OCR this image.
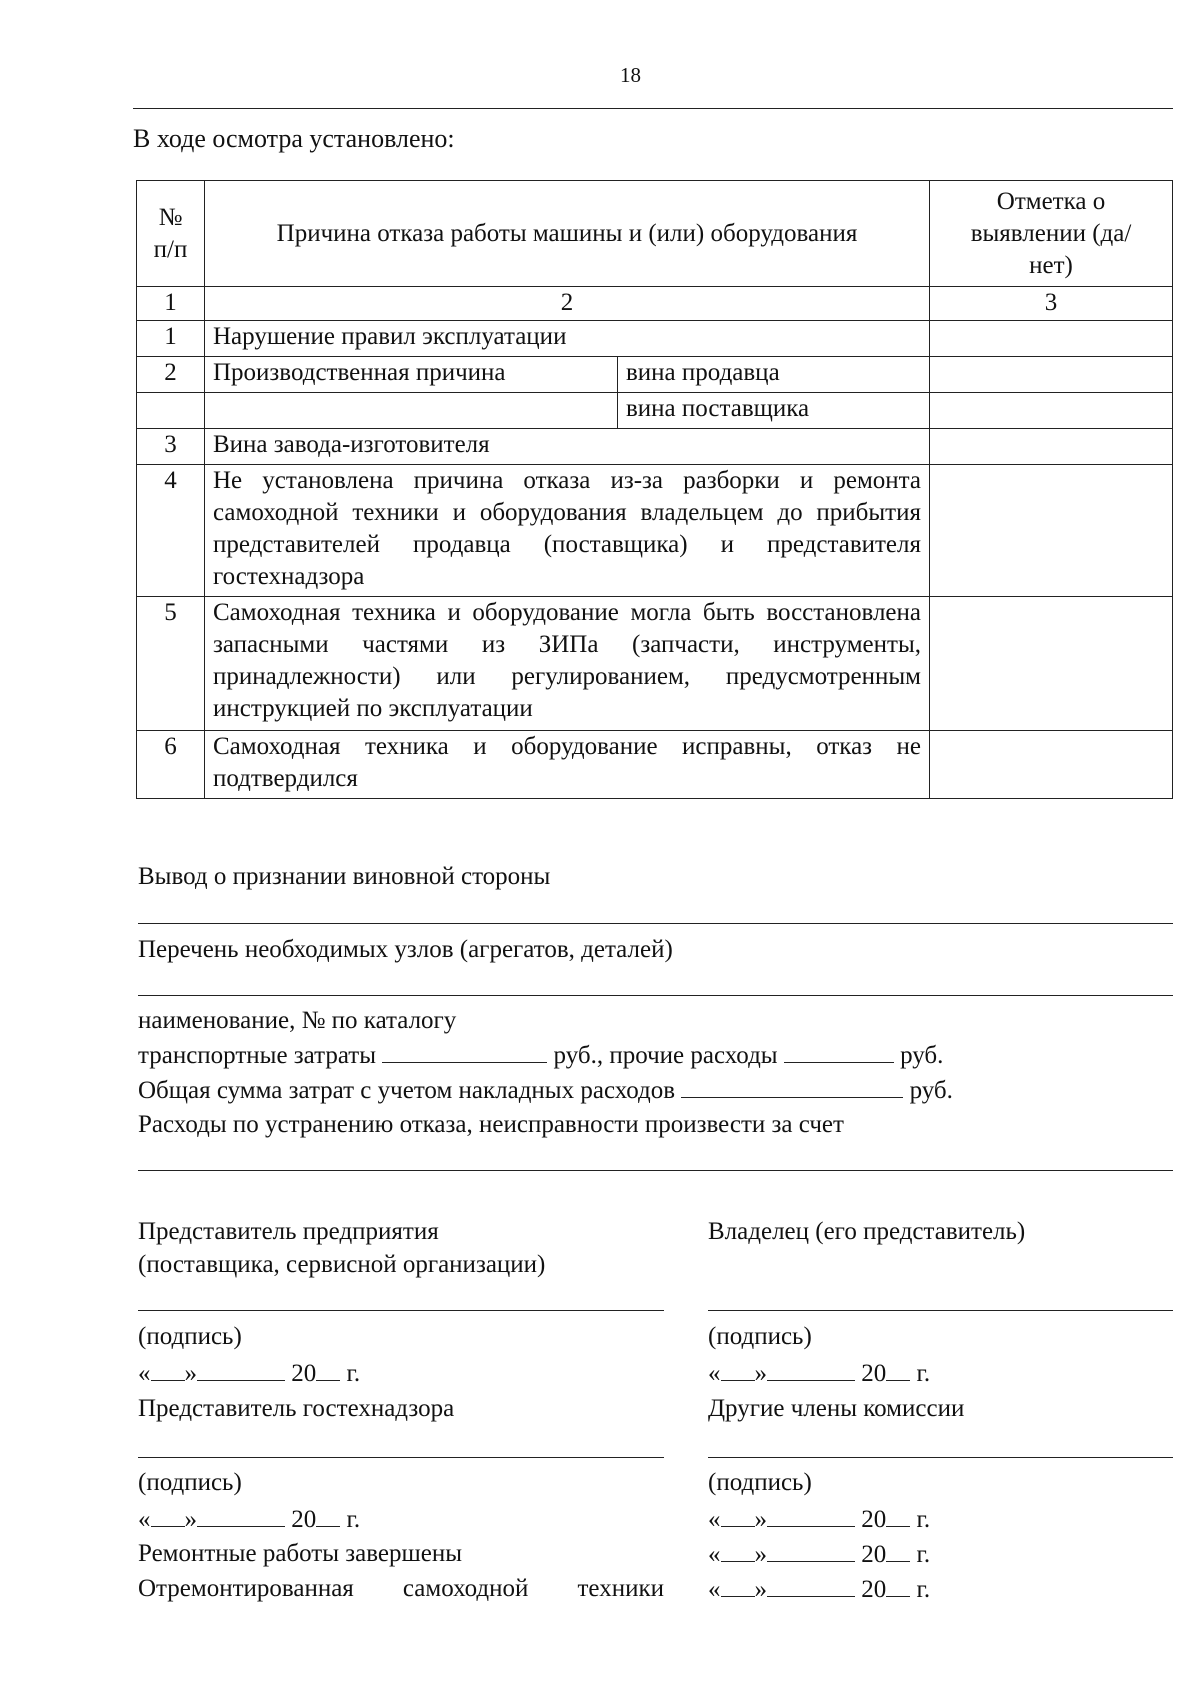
18
В ходе осмотра установлено:
№ п/п	Причина отказа работы машины и (или) оборудования		Отметка о выявлении (да/нет)
1	2		3
1	Нарушение правил эксплуатации		
2	Производственная причина	вина продавца	
		вина поставщика	
3	Вина завода-изготовителя		
4	Не установлена причина отказа из-за разборки и ремонта самоходной техники и оборудования владельцем до прибытия представителей продавца (поставщика) и представителя гостехнадзора		
5	Самоходная техника и оборудование могла быть восстановлена запасными частями из ЗИПа (запчасти, инструменты, принадлежности) или регулированием, предусмотренным инструкцией по эксплуатации		
6	Самоходная техника и оборудование исправны, отказ не подтвердился		
Вывод о признании виновной стороны
Перечень необходимых узлов (агрегатов, деталей)
наименование, № по каталогу
транспортные затраты	руб., прочие расходы	руб.
Общая сумма затрат с учетом накладных расходов	руб.
Расходы по устранению отказа, неисправности произвести за счет
Представитель предприятия
(поставщика, сервисной организации)
(подпись)
« »	20 г.
Представитель гостехнадзора
(подпись)
« »	20 г.
Ремонтные работы завершены
Отремонтированная самоходной техники
Владелец (его представитель)
(подпись)
« »	20 г.
Другие члены комиссии
(подпись)
« »	20 г.
« »	20 г.
« »	20 г.
